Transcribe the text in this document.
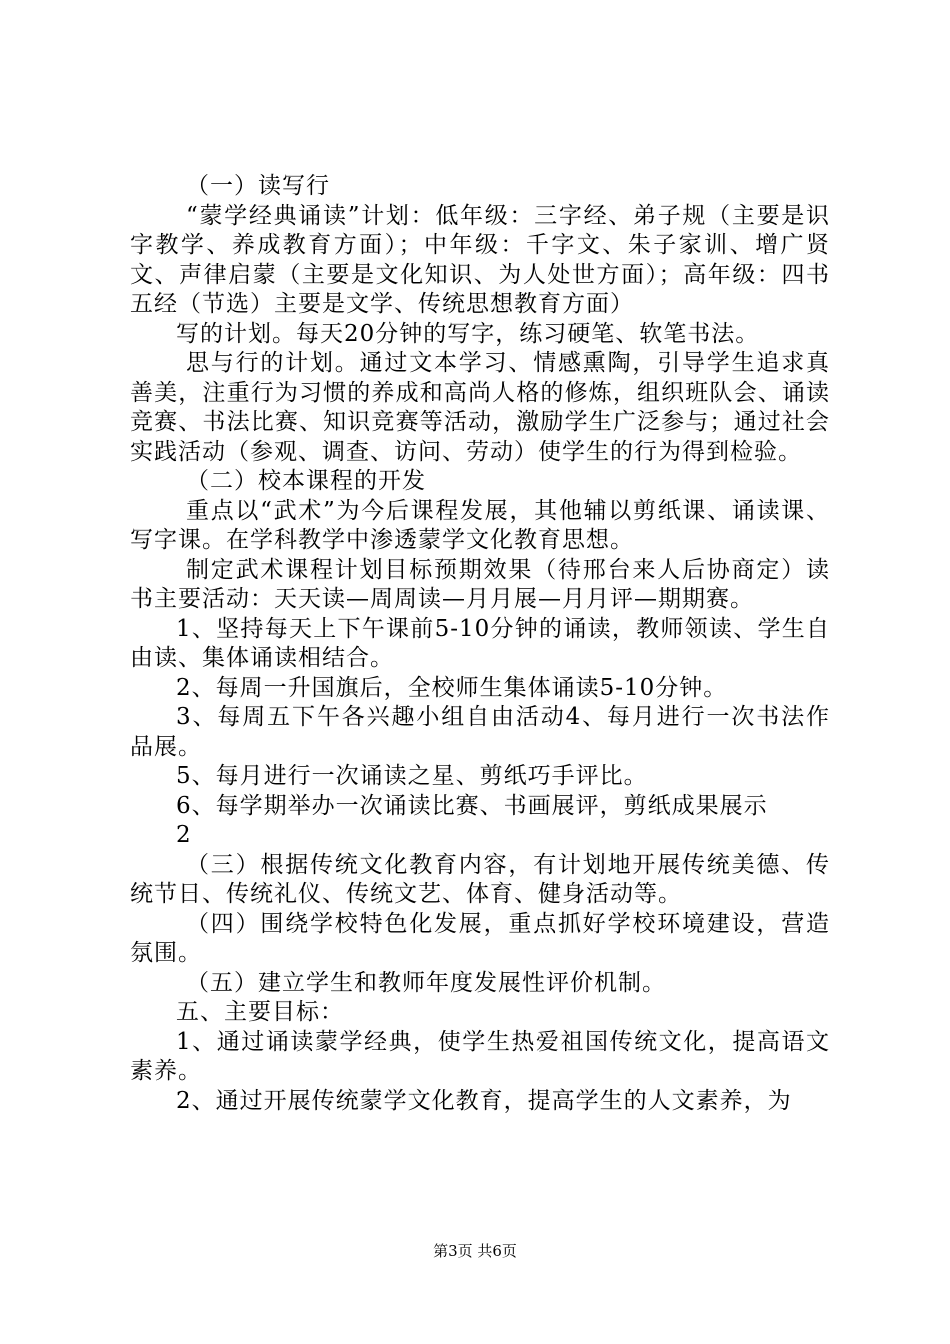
（一）读写行

“蒙学经典诵读”计划：低年级：三字经、弟子规（主要是识字教学、养成教育方面）；中年级：千字文、朱子家训、增广贤文、声律启蒙（主要是文化知识、为人处世方面）；高年级：四书五经（节选）主要是文学、传统思想教育方面）

写的计划。每天20分钟的写字，练习硬笔、软笔书法。

思与行的计划。通过文本学习、情感熏陶，引导学生追求真善美，注重行为习惯的养成和高尚人格的修炼，组织班队会、诵读竞赛、书法比赛、知识竞赛等活动，激励学生广泛参与；通过社会实践活动（参观、调查、访问、劳动）使学生的行为得到检验。

（二）校本课程的开发

重点以“武术”为今后课程发展，其他辅以剪纸课、诵读课、写字课。在学科教学中渗透蒙学文化教育思想。

制定武术课程计划目标预期效果（待邢台来人后协商定）读书主要活动：天天读—周周读—月月展—月月评—期期赛。

1、坚持每天上下午课前5-10分钟的诵读，教师领读、学生自由读、集体诵读相结合。

2、每周一升国旗后，全校师生集体诵读5-10分钟。

3、每周五下午各兴趣小组自由活动4、每月进行一次书法作品展。

5、每月进行一次诵读之星、剪纸巧手评比。

6、每学期举办一次诵读比赛、书画展评，剪纸成果展示

2

（三）根据传统文化教育内容，有计划地开展传统美德、传统节日、传统礼仪、传统文艺、体育、健身活动等。

（四）围绕学校特色化发展，重点抓好学校环境建设，营造氛围。

（五）建立学生和教师年度发展性评价机制。

五、主要目标：

1、通过诵读蒙学经典，使学生热爱祖国传统文化，提高语文素养。

2、通过开展传统蒙学文化教育，提高学生的人文素养，为

第3页 共6页
